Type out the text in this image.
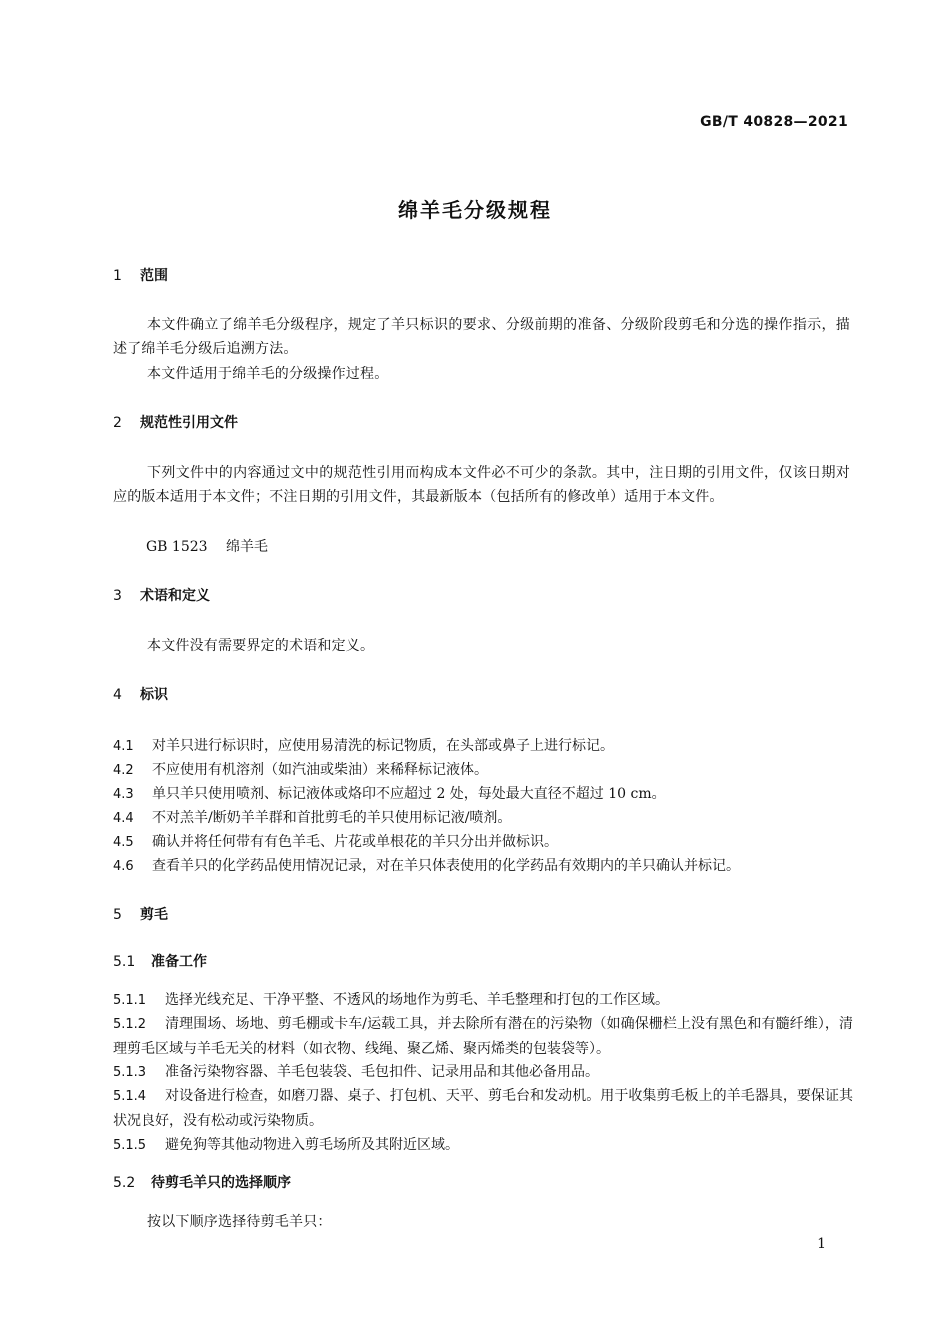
GB/T 40828—2021
绵羊毛分级规程
1 范围
本文件确立了绵羊毛分级程序，规定了羊只标识的要求、分级前期的准备、分级阶段剪毛和分选的操作指示，描述了绵羊毛分级后追溯方法。
本文件适用于绵羊毛的分级操作过程。
2 规范性引用文件
下列文件中的内容通过文中的规范性引用而构成本文件必不可少的条款。其中，注日期的引用文件，仅该日期对应的版本适用于本文件；不注日期的引用文件，其最新版本（包括所有的修改单）适用于本文件。
GB 1523 绵羊毛
3 术语和定义
本文件没有需要界定的术语和定义。
4 标识
4.1 对羊只进行标识时，应使用易清洗的标记物质，在头部或鼻子上进行标记。
4.2 不应使用有机溶剂（如汽油或柴油）来稀释标记液体。
4.3 单只羊只使用喷剂、标记液体或烙印不应超过 2 处，每处最大直径不超过 10 cm。
4.4 不对羔羊/断奶羊羊群和首批剪毛的羊只使用标记液/喷剂。
4.5 确认并将任何带有有色羊毛、片花或单根花的羊只分出并做标识。
4.6 查看羊只的化学药品使用情况记录，对在羊只体表使用的化学药品有效期内的羊只确认并标记。
5 剪毛
5.1 准备工作
5.1.1 选择光线充足、干净平整、不透风的场地作为剪毛、羊毛整理和打包的工作区域。
5.1.2 清理围场、场地、剪毛棚或卡车/运载工具，并去除所有潜在的污染物（如确保栅栏上没有黑色和有髓纤维），清理剪毛区域与羊毛无关的材料（如衣物、线绳、聚乙烯、聚丙烯类的包装袋等）。
5.1.3 准备污染物容器、羊毛包装袋、毛包扣件、记录用品和其他必备用品。
5.1.4 对设备进行检查，如磨刀器、桌子、打包机、天平、剪毛台和发动机。用于收集剪毛板上的羊毛器具，要保证其状况良好，没有松动或污染物质。
5.1.5 避免狗等其他动物进入剪毛场所及其附近区域。
5.2 待剪毛羊只的选择顺序
按以下顺序选择待剪毛羊只：
1
